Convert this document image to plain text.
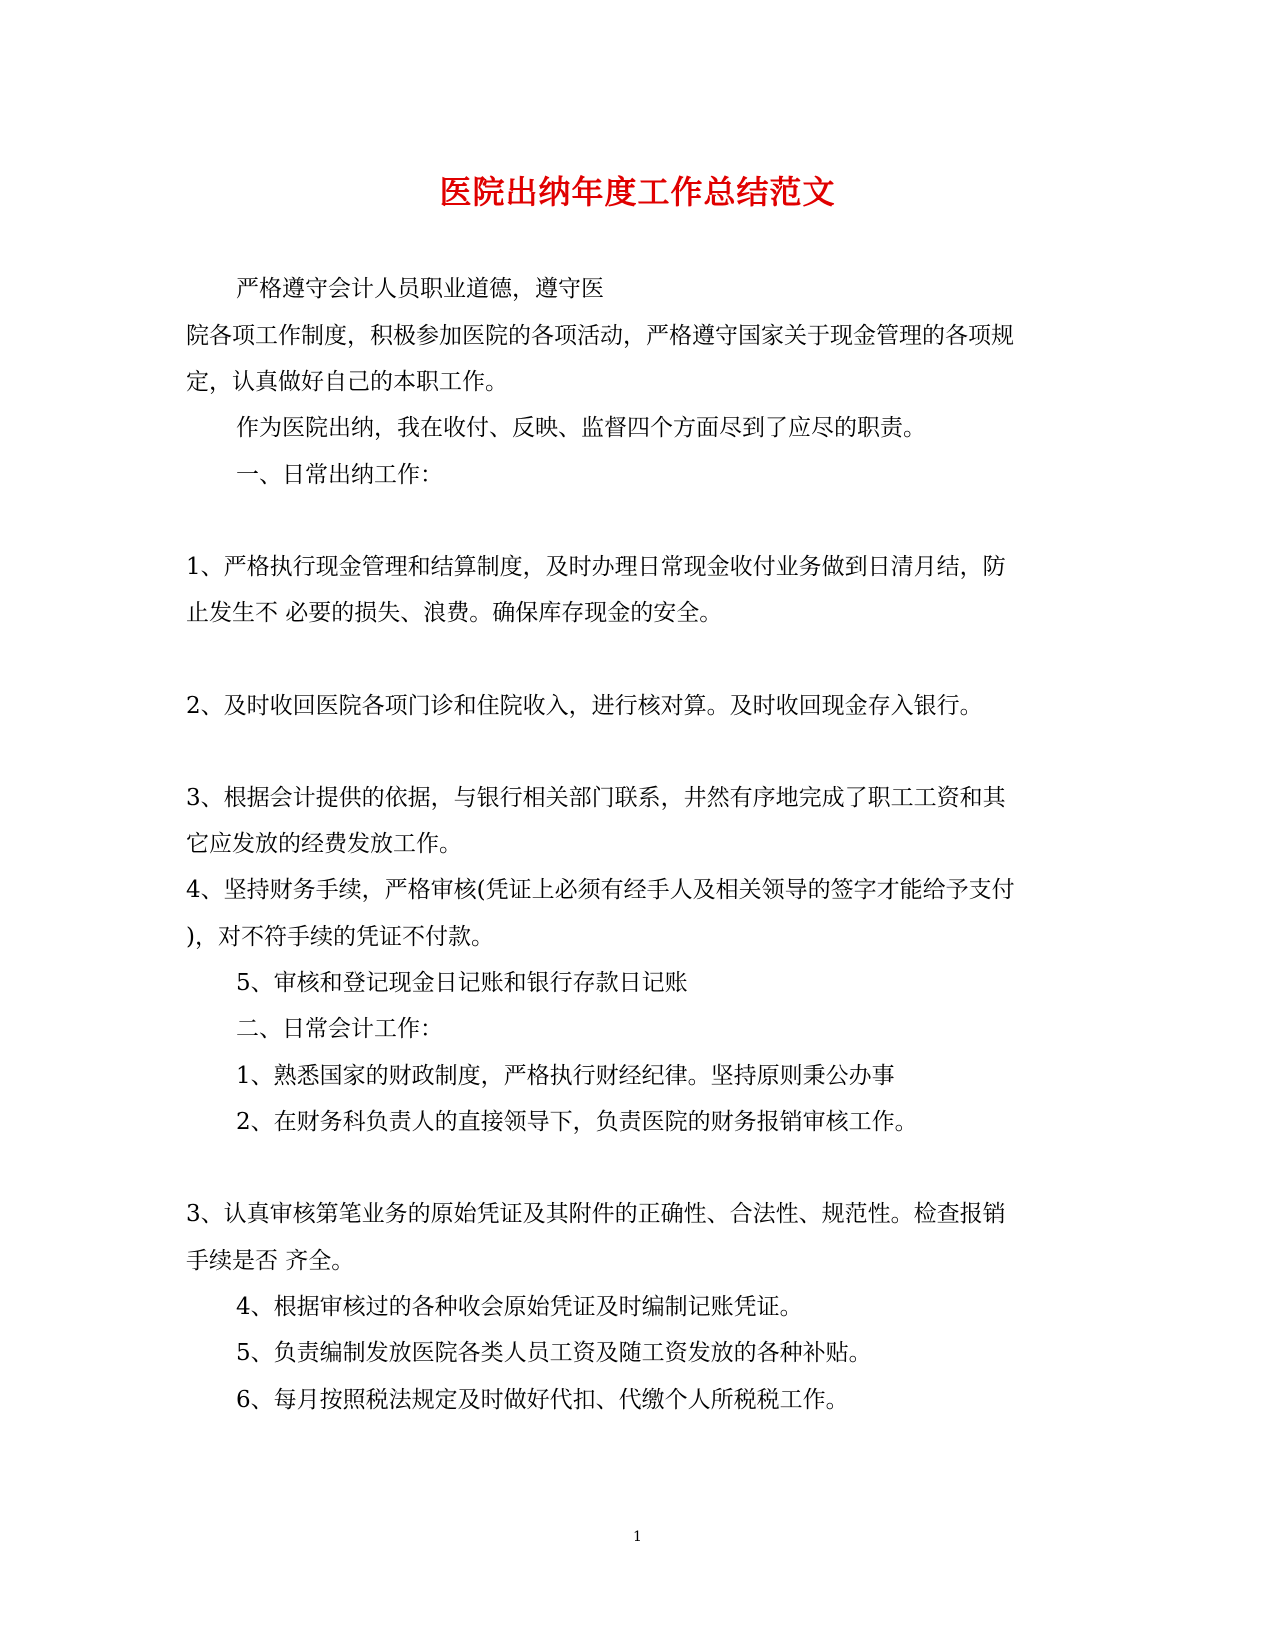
医院出纳年度工作总结范文
严格遵守会计人员职业道德，遵守医
院各项工作制度，积极参加医院的各项活动，严格遵守国家关于现金管理的各项规
定，认真做好自己的本职工作。
作为医院出纳，我在收付、反映、监督四个方面尽到了应尽的职责。
一、日常出纳工作：
1、严格执行现金管理和结算制度，及时办理日常现金收付业务做到日清月结，防
止发生不 必要的损失、浪费。确保库存现金的安全。
2、及时收回医院各项门诊和住院收入，进行核对算。及时收回现金存入银行。
3、根据会计提供的依据，与银行相关部门联系，井然有序地完成了职工工资和其
它应发放的经费发放工作。
4、坚持财务手续，严格审核(凭证上必须有经手人及相关领导的签字才能给予支付
)，对不符手续的凭证不付款。
5、审核和登记现金日记账和银行存款日记账
二、日常会计工作：
1、熟悉国家的财政制度，严格执行财经纪律。坚持原则秉公办事
2、在财务科负责人的直接领导下，负责医院的财务报销审核工作。
3、认真审核第笔业务的原始凭证及其附件的正确性、合法性、规范性。检查报销
手续是否 齐全。
4、根据审核过的各种收会原始凭证及时编制记账凭证。
5、负责编制发放医院各类人员工资及随工资发放的各种补贴。
6、每月按照税法规定及时做好代扣、代缴个人所税税工作。
1
